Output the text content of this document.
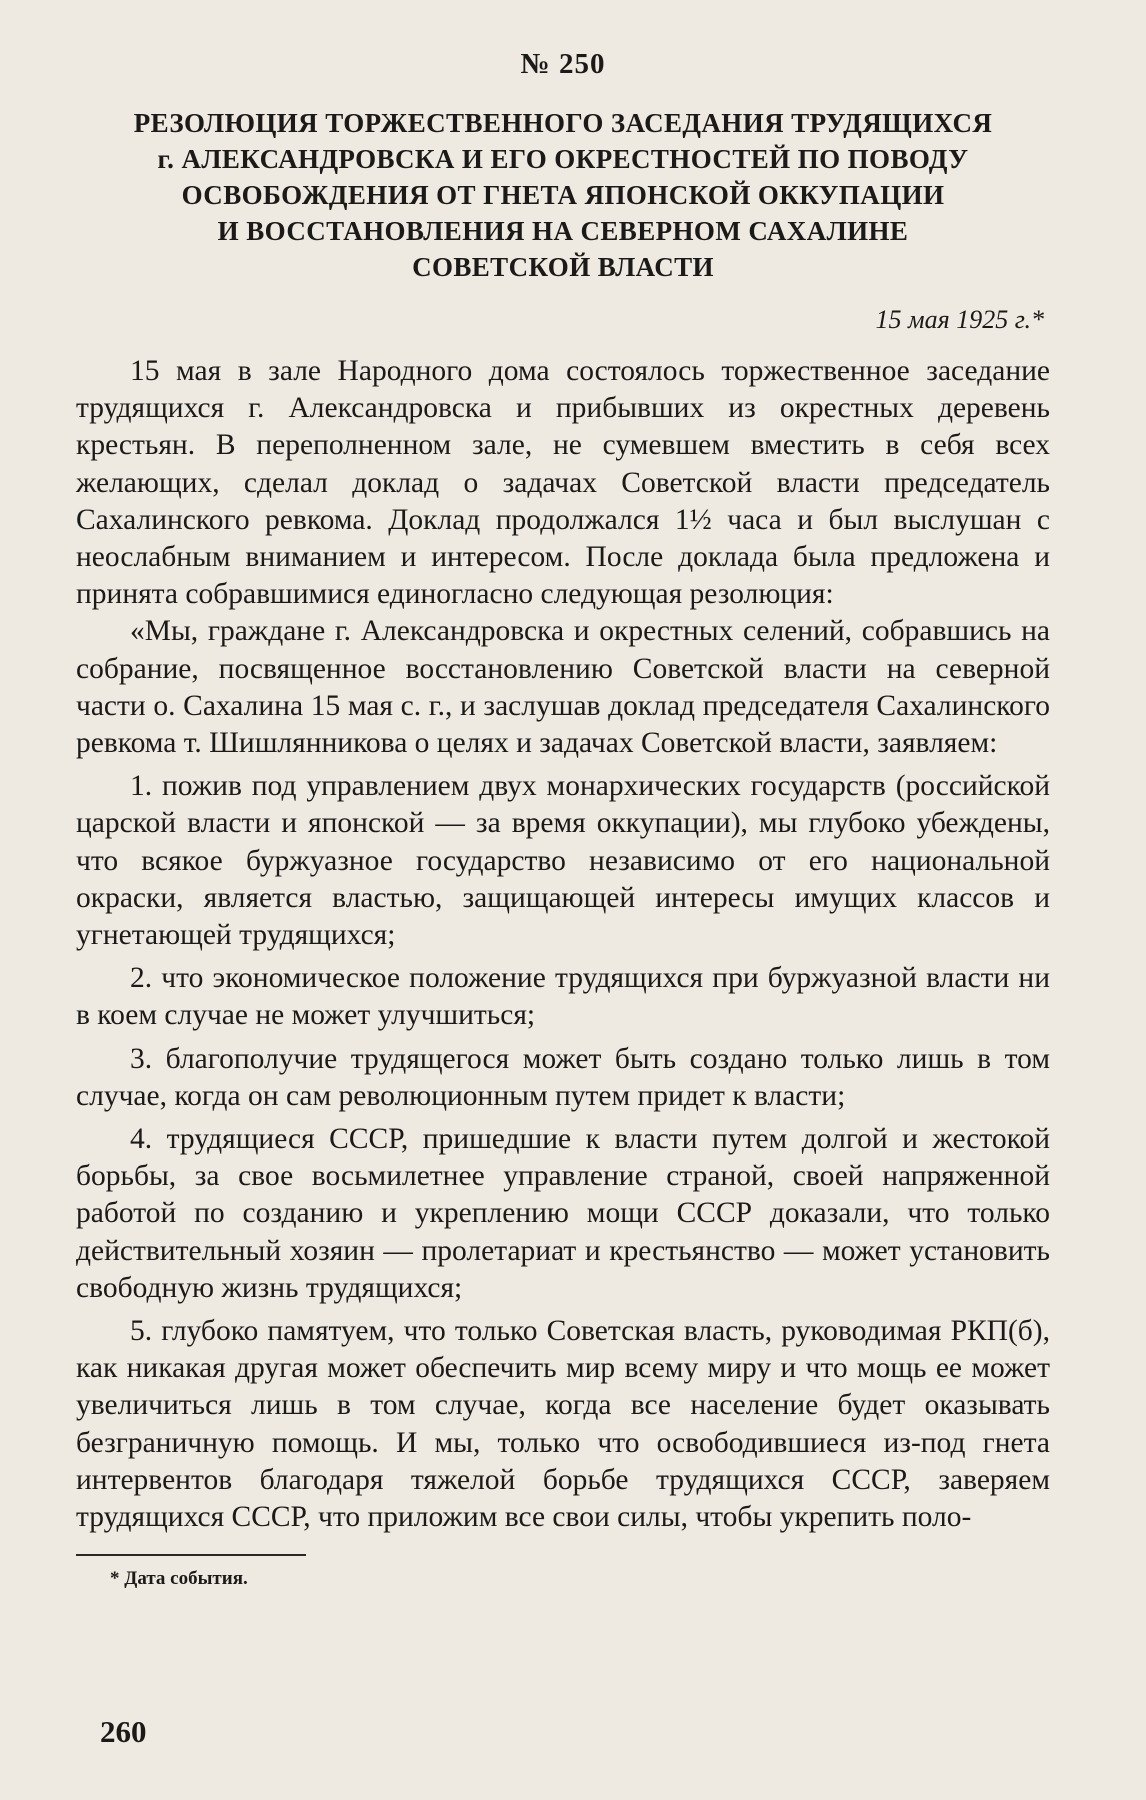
№ 250
РЕЗОЛЮЦИЯ ТОРЖЕСТВЕННОГО ЗАСЕДАНИЯ ТРУДЯЩИХСЯ
г. АЛЕКСАНДРОВСКА И ЕГО ОКРЕСТНОСТЕЙ ПО ПОВОДУ
ОСВОБОЖДЕНИЯ ОТ ГНЕТА ЯПОНСКОЙ ОККУПАЦИИ
И ВОССТАНОВЛЕНИЯ НА СЕВЕРНОМ САХАЛИНЕ
СОВЕТСКОЙ ВЛАСТИ
15 мая 1925 г.*

15 мая в зале Народного дома состоялось торжественное заседание трудящихся г. Александровска и прибывших из окрестных деревень крестьян. В переполненном зале, не сумевшем вместить в себя всех желающих, сделал доклад о задачах Советской власти председатель Сахалинского ревкома. Доклад продолжался 1½ часа и был выслушан с неослабным вниманием и интересом. После доклада была предложена и принята собравшимися единогласно следующая резолюция:

«Мы, граждане г. Александровска и окрестных селений, собравшись на собрание, посвященное восстановлению Советской власти на северной части о. Сахалина 15 мая с. г., и заслушав доклад председателя Сахалинского ревкома т. Шишлянникова о целях и задачах Советской власти, заявляем:

1. пожив под управлением двух монархических государств (российской царской власти и японской — за время оккупации), мы глубоко убеждены, что всякое буржуазное государство независимо от его национальной окраски, является властью, защищающей интересы имущих классов и угнетающей трудящихся;

2. что экономическое положение трудящихся при буржуазной власти ни в коем случае не может улучшиться;

3. благополучие трудящегося может быть создано только лишь в том случае, когда он сам революционным путем придет к власти;

4. трудящиеся СССР, пришедшие к власти путем долгой и жестокой борьбы, за свое восьмилетнее управление страной, своей напряженной работой по созданию и укреплению мощи СССР доказали, что только действительный хозяин — пролетариат и крестьянство — может установить свободную жизнь трудящихся;

5. глубоко памятуем, что только Советская власть, руководимая РКП(б), как никакая другая может обеспечить мир всему миру и что мощь ее может увеличиться лишь в том случае, когда все население будет оказывать безграничную помощь. И мы, только что освободившиеся из-под гнета интервентов благодаря тяжелой борьбе трудящихся СССР, заверяем трудящихся СССР, что приложим все свои силы, чтобы укрепить поло-

* Дата события.

260
